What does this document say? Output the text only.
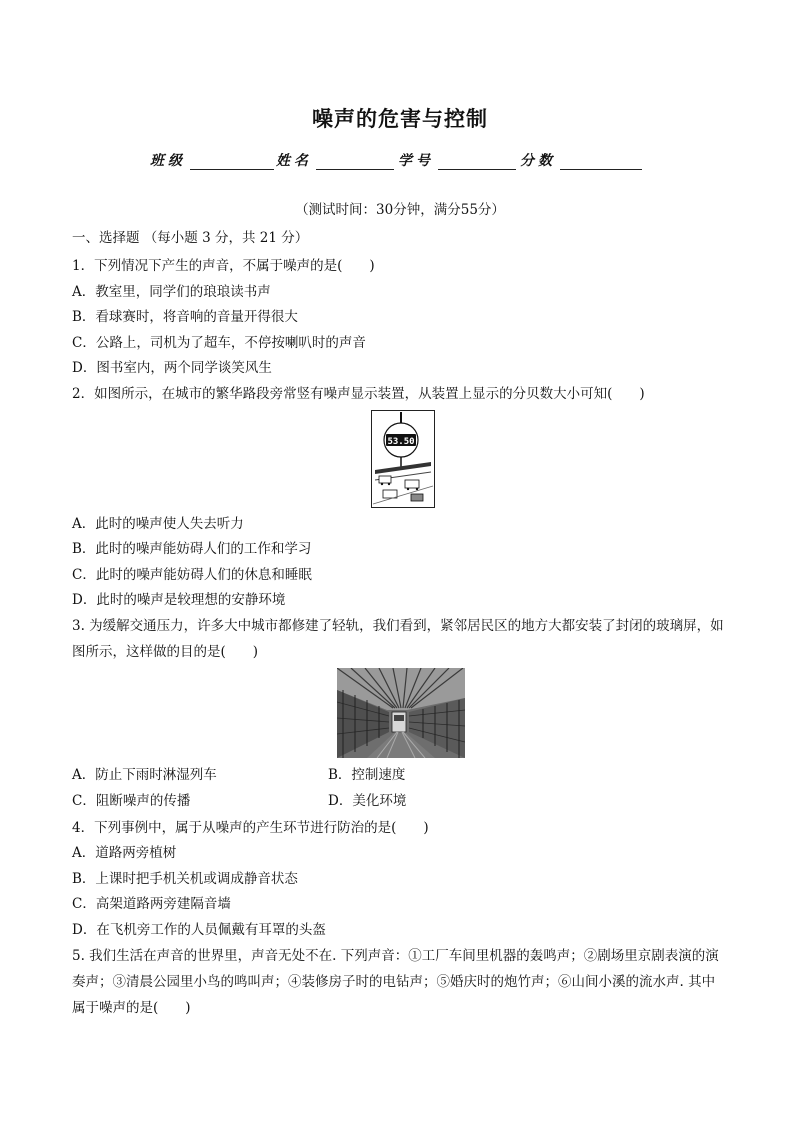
噪声的危害与控制
班级	姓名	学号	分数
（测试时间：30分钟，满分55分）
一、选择题 （每小题 3 分，共 21 分）
1．下列情况下产生的声音，不属于噪声的是(　　)
A．教室里，同学们的琅琅读书声
B．看球赛时，将音响的音量开得很大
C．公路上，司机为了超车，不停按喇叭时的声音
D．图书室内，两个同学谈笑风生
2．如图所示，在城市的繁华路段旁常竖有噪声显示装置，从装置上显示的分贝数大小可知(　　)
53.50
A．此时的噪声使人失去听力
B．此时的噪声能妨碍人们的工作和学习
C．此时的噪声能妨碍人们的休息和睡眠
D．此时的噪声是较理想的安静环境
3. 为缓解交通压力，许多大中城市都修建了轻轨，我们看到，紧邻居民区的地方大都安装了封闭的玻璃屏，如
图所示，这样做的目的是(　　)
A．防止下雨时淋湿列车	B．控制速度
C．阻断噪声的传播	D．美化环境
4．下列事例中，属于从噪声的产生环节进行防治的是(　　)
A．道路两旁植树
B．上课时把手机关机或调成静音状态
C．高架道路两旁建隔音墙
D．在飞机旁工作的人员佩戴有耳罩的头盔
5. 我们生活在声音的世界里，声音无处不在. 下列声音：①工厂车间里机器的轰鸣声；②剧场里京剧表演的演
奏声；③清晨公园里小鸟的鸣叫声；④装修房子时的电钻声；⑤婚庆时的炮竹声；⑥山间小溪的流水声. 其中
属于噪声的是(　　)
